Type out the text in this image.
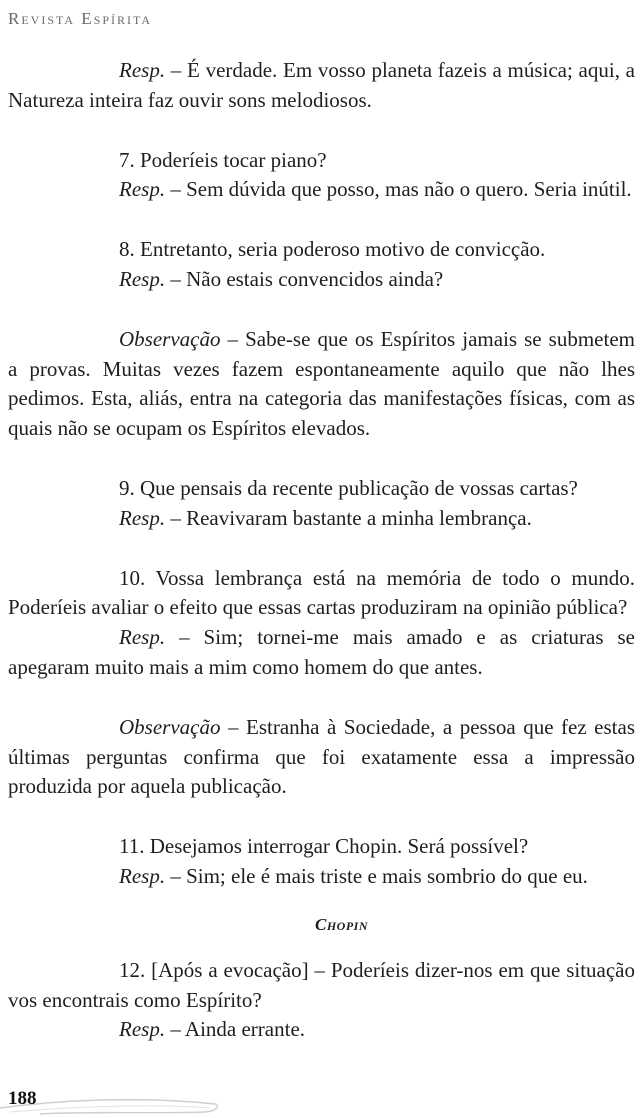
Revista Espírita

Resp. – É verdade. Em vosso planeta fazeis a música; aqui, a Natureza inteira faz ouvir sons melodiosos.

7. Poderíeis tocar piano?

Resp. – Sem dúvida que posso, mas não o quero. Seria inútil.

8. Entretanto, seria poderoso motivo de convicção.

Resp. – Não estais convencidos ainda?

Observação – Sabe-se que os Espíritos jamais se submetem a provas. Muitas vezes fazem espontaneamente aquilo que não lhes pedimos. Esta, aliás, entra na categoria das manifestações físicas, com as quais não se ocupam os Espíritos elevados.

9. Que pensais da recente publicação de vossas cartas?

Resp. – Reavivaram bastante a minha lembrança.

10. Vossa lembrança está na memória de todo o mundo. Poderíeis avaliar o efeito que essas cartas produziram na opinião pública?

Resp. – Sim; tornei-me mais amado e as criaturas se apegaram muito mais a mim como homem do que antes.

Observação – Estranha à Sociedade, a pessoa que fez estas últimas perguntas confirma que foi exatamente essa a impressão produzida por aquela publicação.

11. Desejamos interrogar Chopin. Será possível?

Resp. – Sim; ele é mais triste e mais sombrio do que eu.

Chopin

12. [Após a evocação] – Poderíeis dizer-nos em que situação vos encontrais como Espírito?

Resp. – Ainda errante.

188
